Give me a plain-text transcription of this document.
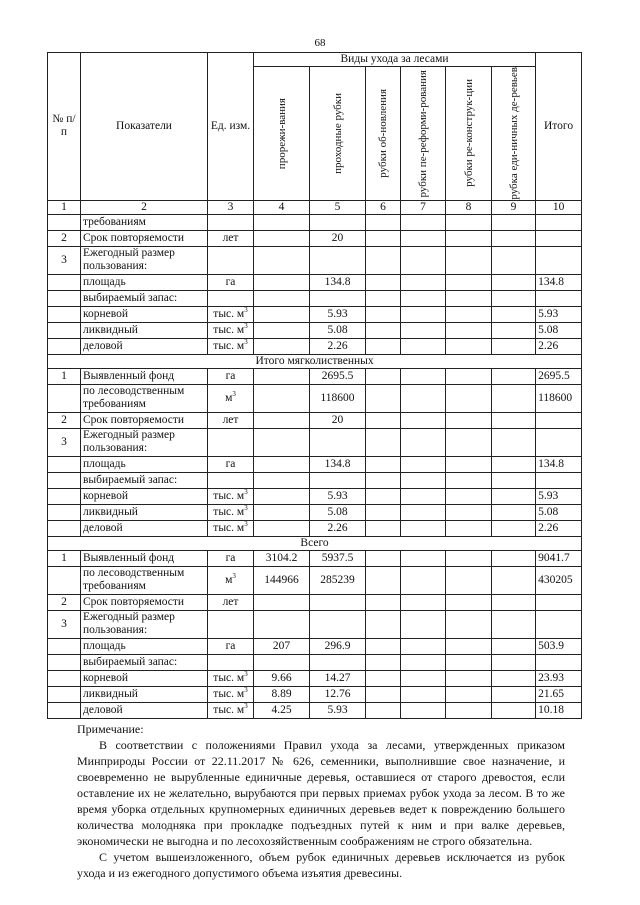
68
№ п/п	Показатели	Ед. изм.	Виды ухода за лесами						Итого

			прорежи-вания	проходные рубки	рубки об-новления	рубки пе-реформи-рования	рубки ре-конструк-ции	рубка еди-ничных де-ревьев	

1	2	3	4	5	6	7	8	9	10
	требованиям								
2	Срок повторяемости	лет		20					
3	Ежегодный размер пользования:								
	площадь	га		134.8					134.8
	выбираемый запас:								
	корневой	тыс. $м^3$		5.93					5.93
	ликвидный	тыс. $м^3$		5.08					5.08
	деловой	тыс. $м^3$		2.26					2.26
Итого мягколиственных									
1	Выявленный фонд	га		2695.5					2695.5
	по лесоводственным требованиям	$м^3$		118600					118600
2	Срок повторяемости	лет		20					
3	Ежегодный размер пользования:								
	площадь	га		134.8					134.8
	выбираемый запас:								
	корневой	тыс. $м^3$		5.93					5.93
	ликвидный	тыс. $м^3$		5.08					5.08
	деловой	тыс. $м^3$		2.26					2.26
Всего									
1	Выявленный фонд	га	3104.2	5937.5					9041.7
	по лесоводственным требованиям	$м^3$	144966	285239					430205
2	Срок повторяемости	лет							
3	Ежегодный размер пользования:								
	площадь	га	207	296.9					503.9
	выбираемый запас:								
	корневой	тыс. $м^3$	9.66	14.27					23.93
	ликвидный	тыс. $м^3$	8.89	12.76					21.65
	деловой	тыс. $м^3$	4.25	5.93					10.18
Примечание:

В соответствии с положениями Правил ухода за лесами, утвержденных приказом Минприроды России от 22.11.2017 № 626, семенники, выполнившие свое назначение, и своевременно не вырубленные единичные деревья, оставшиеся от старого древостоя, если оставление их не желательно, вырубаются при первых приемах рубок ухода за лесом. В то же время уборка отдельных крупномерных единичных деревьев ведет к повреждению большего количества молодняка при прокладке подъездных путей к ним и при валке деревьев, экономически не выгодна и по лесохозяйственным соображениям не строго обязательна.

С учетом вышеизложенного, объем рубок единичных деревьев исключается из рубок ухода и из ежегодного допустимого объема изъятия древесины.
